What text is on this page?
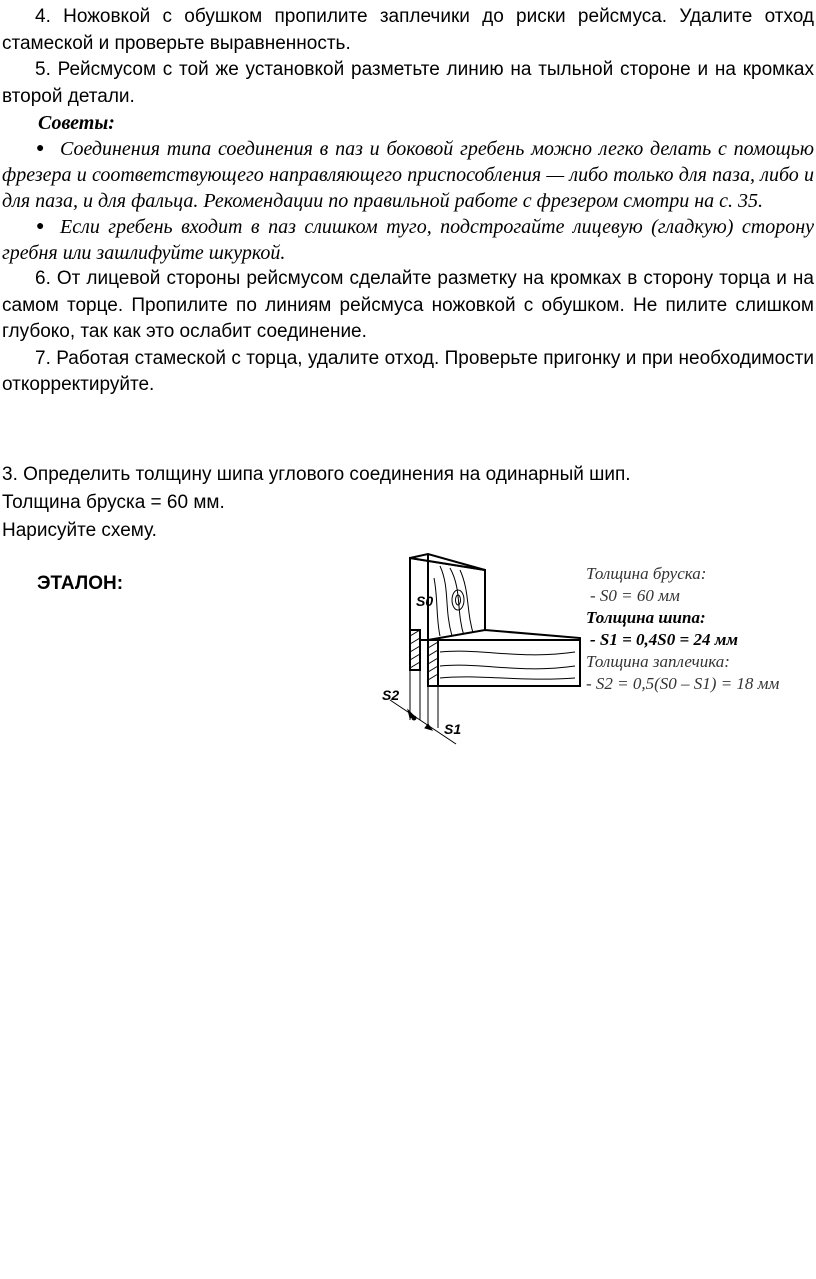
4. Ножовкой с обушком пропилите заплечики до риски рейсмуса. Удалите отход стамеской и проверьте выравненность.

5. Рейсмусом с той же установкой разметьте линию на тыльной стороне и на кромках второй детали.

Советы:

● Соединения типа соединения в паз и боковой гребень можно легко делать с помощью фрезера и соответствующего направляющего приспособления — либо только для паза, либо и для паза, и для фальца. Рекомендации по правильной работе с фрезером смотри на с. 35.

● Если гребень входит в паз слишком туго, подстрогайте лицевую (гладкую) сторону гребня или зашлифуйте шкуркой.

6. От лицевой стороны рейсмусом сделайте разметку на кромках в сторону торца и на самом торце. Пропилите по линиям рейсмуса ножовкой с обушком. Не пилите слишком глубоко, так как это ослабит соединение.

7. Работая стамеской с торца, удалите отход. Проверьте пригонку и при необходимости откорректируйте.

3. Определить толщину шипа углового соединения на одинарный шип.
Толщина бруска = 60 мм.
Нарисуйте схему.
ЭТАЛОН:
S0
S2
S1
Толщина бруска:
- S0 = 60 мм
Толщина шипа:
- S1 = 0,4S0 = 24 мм
Толщина заплечика:
- S2 = 0,5(S0 – S1) = 18 мм
